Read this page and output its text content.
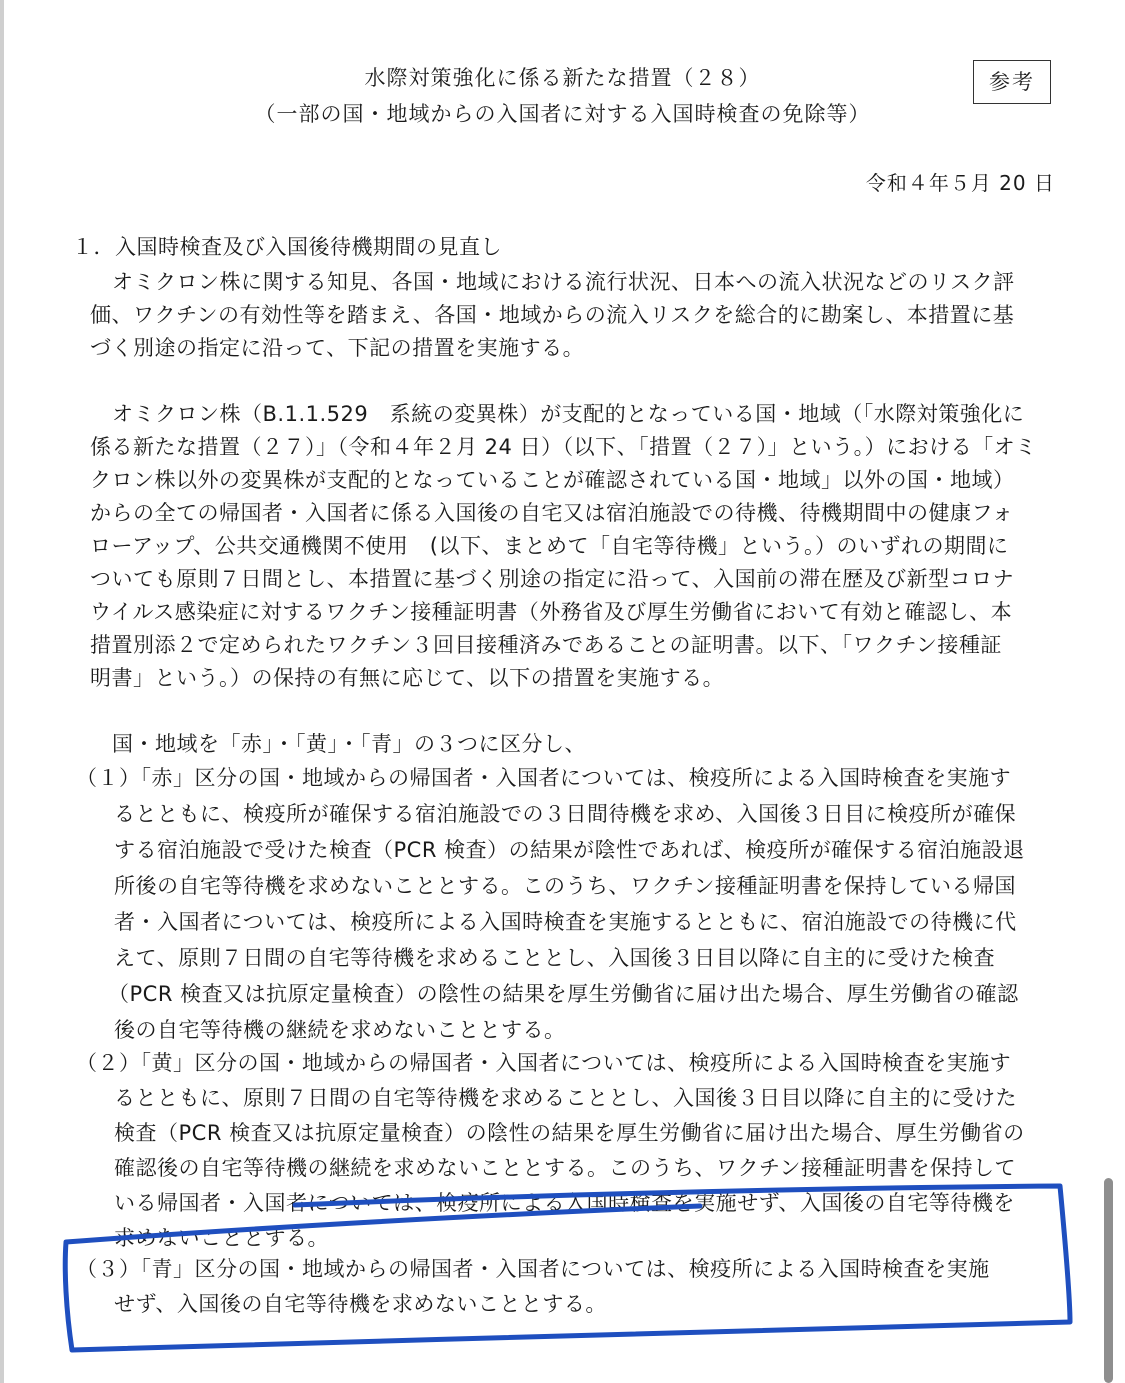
水際対策強化に係る新たな措置（２８）
（一部の国・地域からの入国者に対する入国時検査の免除等）
参考
令和４年５月 20 日
１．入国時検査及び入国後待機期間の見直し
オミクロン株に関する知見、各国・地域における流行状況、日本への流入状況などのリスク評
価、ワクチンの有効性等を踏まえ、各国・地域からの流入リスクを総合的に勘案し、本措置に基
づく別途の指定に沿って、下記の措置を実施する。
オミクロン株（B.1.1.529　系統の変異株）が支配的となっている国・地域（「水際対策強化に
係る新たな措置（２７）」（令和４年２月 24 日）（以下、「措置（２７）」という。）における「オミ
クロン株以外の変異株が支配的となっていることが確認されている国・地域」以外の国・地域）
からの全ての帰国者・入国者に係る入国後の自宅又は宿泊施設での待機、待機期間中の健康フォ
ローアップ、公共交通機関不使用　(以下、まとめて「自宅等待機」という。）のいずれの期間に
ついても原則７日間とし、本措置に基づく別途の指定に沿って、入国前の滞在歴及び新型コロナ
ウイルス感染症に対するワクチン接種証明書（外務省及び厚生労働省において有効と確認し、本
措置別添２で定められたワクチン３回目接種済みであることの証明書。以下、「ワクチン接種証
明書」という。）の保持の有無に応じて、以下の措置を実施する。
国・地域を「赤」・「黄」・「青」の３つに区分し、
（１）「赤」区分の国・地域からの帰国者・入国者については、検疫所による入国時検査を実施す
るとともに、検疫所が確保する宿泊施設での３日間待機を求め、入国後３日目に検疫所が確保
する宿泊施設で受けた検査（PCR 検査）の結果が陰性であれば、検疫所が確保する宿泊施設退
所後の自宅等待機を求めないこととする。このうち、ワクチン接種証明書を保持している帰国
者・入国者については、検疫所による入国時検査を実施するとともに、宿泊施設での待機に代
えて、原則７日間の自宅等待機を求めることとし、入国後３日目以降に自主的に受けた検査
（PCR 検査又は抗原定量検査）の陰性の結果を厚生労働省に届け出た場合、厚生労働省の確認
後の自宅等待機の継続を求めないこととする。
（２）「黄」区分の国・地域からの帰国者・入国者については、検疫所による入国時検査を実施す
るとともに、原則７日間の自宅等待機を求めることとし、入国後３日目以降に自主的に受けた
検査（PCR 検査又は抗原定量検査）の陰性の結果を厚生労働省に届け出た場合、厚生労働省の
確認後の自宅等待機の継続を求めないこととする。このうち、ワクチン接種証明書を保持して
いる帰国者・入国者については、検疫所による入国時検査を実施せず、入国後の自宅等待機を
求めないこととする。
（３）「青」区分の国・地域からの帰国者・入国者については、検疫所による入国時検査を実施
せず、入国後の自宅等待機を求めないこととする。
